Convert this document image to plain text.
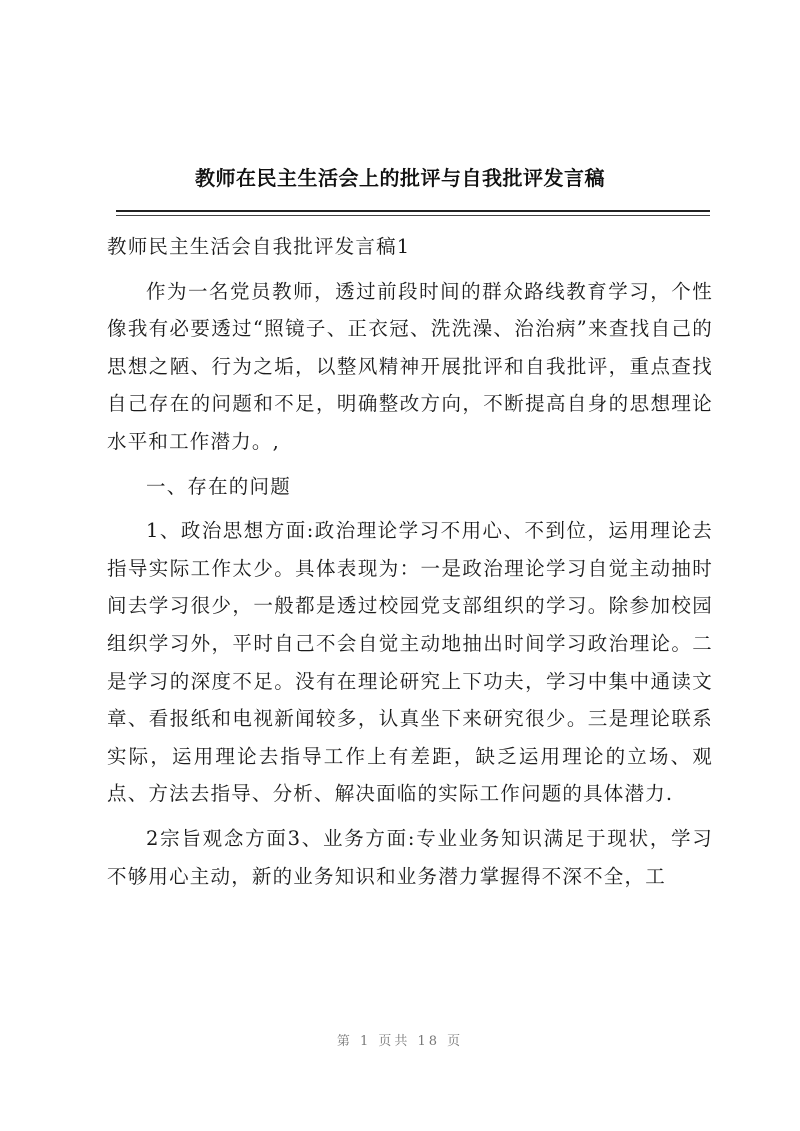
教师在民主生活会上的批评与自我批评发言稿

教师民主生活会自我批评发言稿1

作为一名党员教师，透过前段时间的群众路线教育学习，个性像我有必要透过“照镜子、正衣冠、洗洗澡、治治病”来查找自己的思想之陋、行为之垢，以整风精神开展批评和自我批评，重点查找自己存在的问题和不足，明确整改方向，不断提高自身的思想理论水平和工作潜力。,

一、存在的问题

1、政治思想方面:政治理论学习不用心、不到位，运用理论去指导实际工作太少。具体表现为：一是政治理论学习自觉主动抽时间去学习很少，一般都是透过校园党支部组织的学习。除参加校园组织学习外，平时自己不会自觉主动地抽出时间学习政治理论。二是学习的深度不足。没有在理论研究上下功夫，学习中集中通读文章、看报纸和电视新闻较多，认真坐下来研究很少。三是理论联系实际，运用理论去指导工作上有差距，缺乏运用理论的立场、观点、方法去指导、分析、解决面临的实际工作问题的具体潜力.

2宗旨观念方面3、业务方面:专业业务知识满足于现状，学习不够用心主动，新的业务知识和业务潜力掌握得不深不全，工

第 1 页共 18 页
